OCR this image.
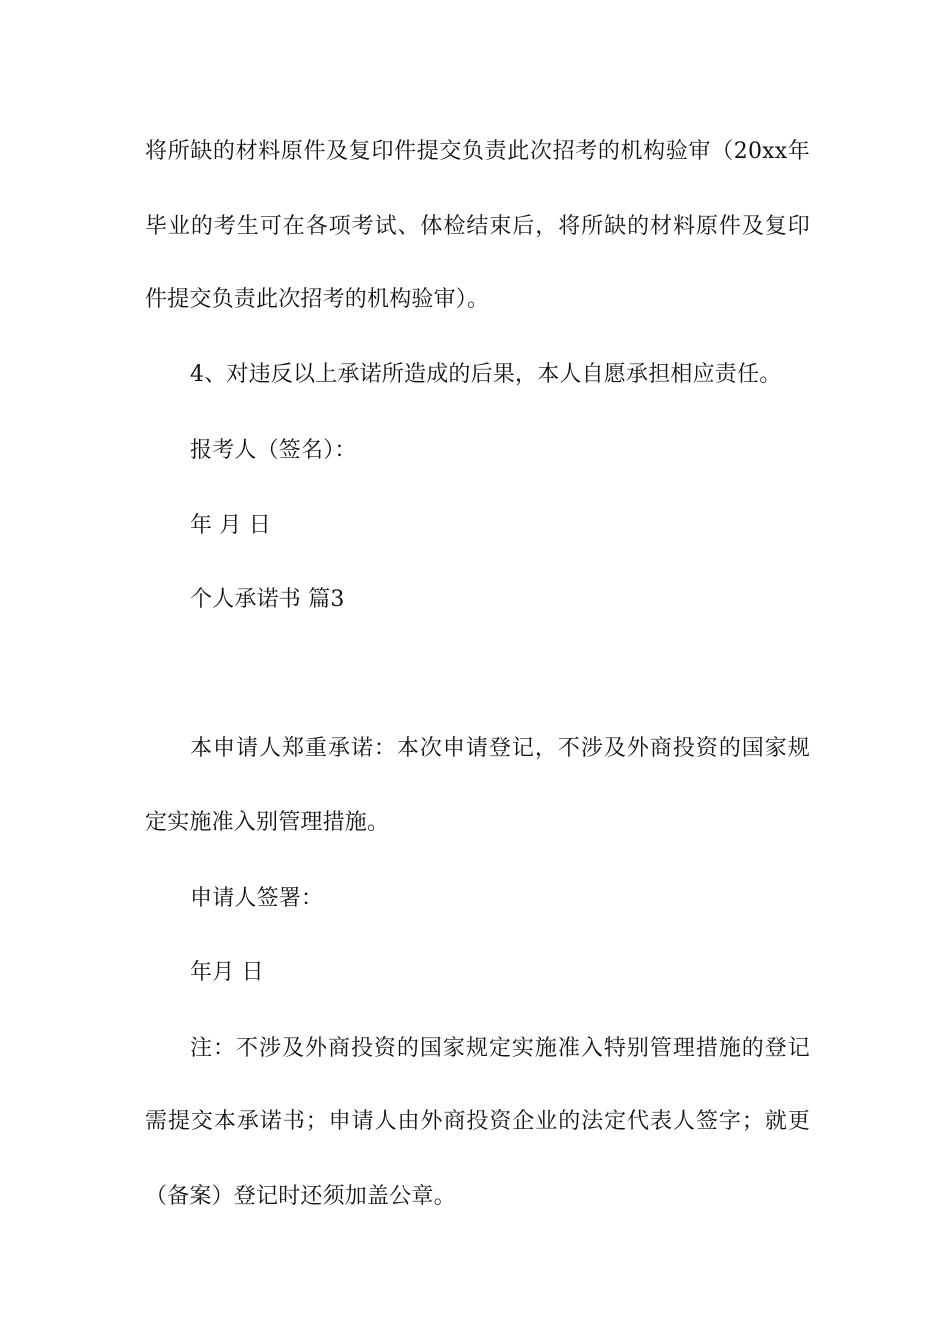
将所缺的材料原件及复印件提交负责此次招考的机构验审（20xx年
毕业的考生可在各项考试、体检结束后，将所缺的材料原件及复印
件提交负责此次招考的机构验审）。
4、对违反以上承诺所造成的后果，本人自愿承担相应责任。
报考人（签名）：
年 月 日
个人承诺书 篇3
本申请人郑重承诺：本次申请登记，不涉及外商投资的国家规
定实施准入别管理措施。
申请人签署：
年月 日
注：不涉及外商投资的国家规定实施准入特别管理措施的登记
需提交本承诺书；申请人由外商投资企业的法定代表人签字；就更
（备案）登记时还须加盖公章。
